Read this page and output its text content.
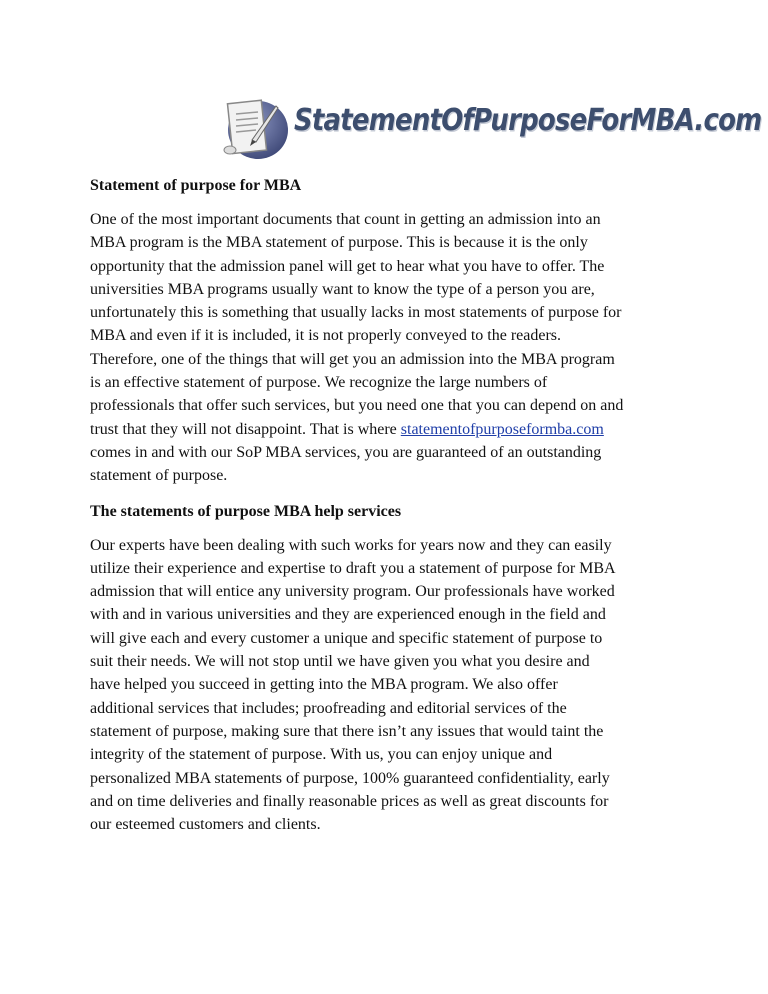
StatementOfPurposeForMBA.com
Statement of purpose for MBA
One of the most important documents that count in getting an admission into an
MBA program is the MBA statement of purpose. This is because it is the only
opportunity that the admission panel will get to hear what you have to offer. The
universities MBA programs usually want to know the type of a person you are,
unfortunately this is something that usually lacks in most statements of purpose for
MBA and even if it is included, it is not properly conveyed to the readers.
Therefore, one of the things that will get you an admission into the MBA program
is an effective statement of purpose. We recognize the large numbers of
professionals that offer such services, but you need one that you can depend on and
trust that they will not disappoint. That is where statementofpurposeformba.com
comes in and with our SoP MBA services, you are guaranteed of an outstanding
statement of purpose.
The statements of purpose MBA help services
Our experts have been dealing with such works for years now and they can easily
utilize their experience and expertise to draft you a statement of purpose for MBA
admission that will entice any university program. Our professionals have worked
with and in various universities and they are experienced enough in the field and
will give each and every customer a unique and specific statement of purpose to
suit their needs. We will not stop until we have given you what you desire and
have helped you succeed in getting into the MBA program. We also offer
additional services that includes; proofreading and editorial services of the
statement of purpose, making sure that there isn’t any issues that would taint the
integrity of the statement of purpose. With us, you can enjoy unique and
personalized MBA statements of purpose, 100% guaranteed confidentiality, early
and on time deliveries and finally reasonable prices as well as great discounts for
our esteemed customers and clients.
